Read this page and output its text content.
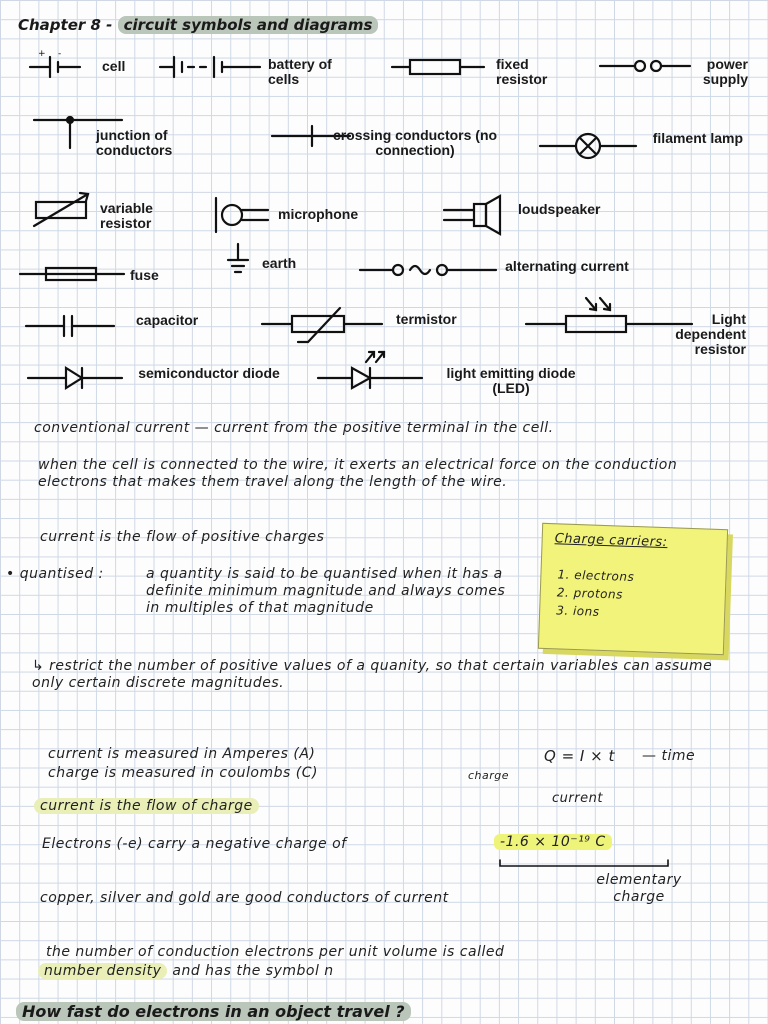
Chapter 8 - circuit symbols and diagrams
+ -
cell	battery of cells
fixed resistor
power supply
junction of conductors
crossing conductors (no connection)
filament lamp
variable resistor
microphone	loudspeaker
fuse
earth	alternating current
capacitor	termistor	Light dependent resistor
semiconductor diode	light emitting diode (LED)
conventional current — current from the positive terminal in the cell.
when the cell is connected to the wire, it exerts an electrical force on the conduction electrons that makes them travel along the length of the wire.
current is the flow of positive charges
• quantised :	a quantity is said to be quantised when it has a definite minimum magnitude and always comes in multiples of that magnitude
↳ restrict the number of positive values of a quanity, so that certain variables can assume only certain discrete magnitudes.
current is measured in Amperes (A)
charge is measured in coulombs (C)	charge
Q = I × t — time
current
current is the flow of charge
Electrons (-e) carry a negative charge of	-1.6 × 10⁻¹⁹ C
elementary charge
copper, silver and gold are good conductors of current
the number of conduction electrons per unit volume is called
number density and has the symbol n
How fast do electrons in an object travel ?
Charge carriers:
1. electrons
2. protons
3. ions
